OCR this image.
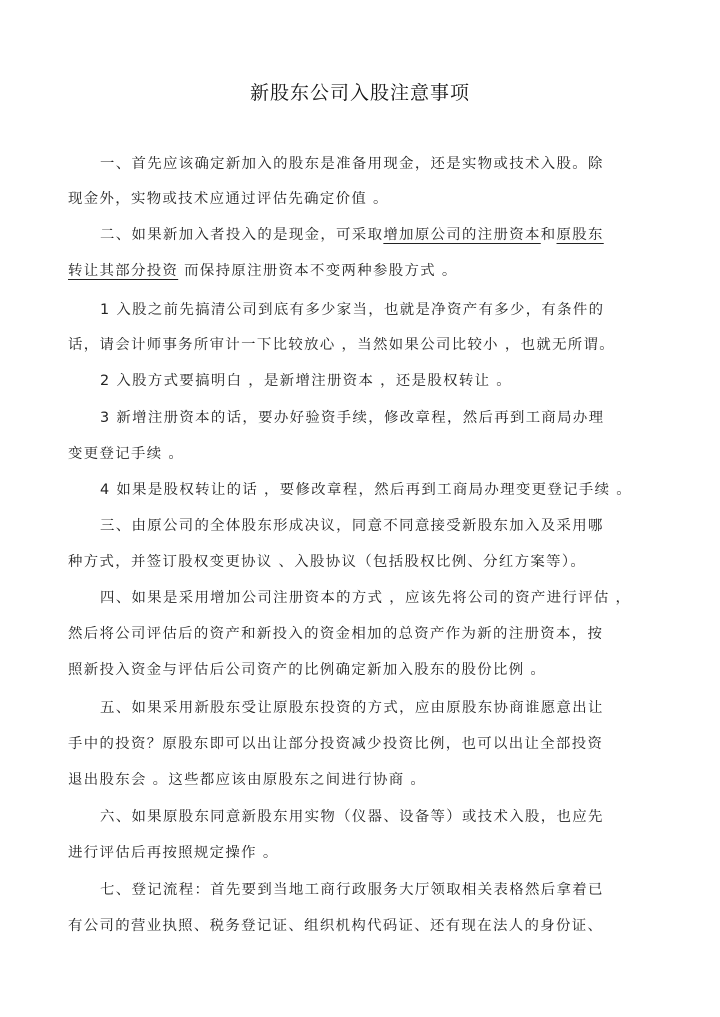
新股东公司入股注意事项
一、首先应该确定新加入的股东是准备用现金，还是实物或技术入股。除
现金外，实物或技术应通过评估先确定价值 。
二、如果新加入者投入的是现金，可采取增加原公司的注册资本和原股东
转让其部分投资 而保持原注册资本不变两种参股方式 。
1 入股之前先搞清公司到底有多少家当，也就是净资产有多少，有条件的
话，请会计师事务所审计一下比较放心 ，当然如果公司比较小 ，也就无所谓。
2 入股方式要搞明白 ，是新增注册资本 ，还是股权转让 。
3 新增注册资本的话，要办好验资手续，修改章程，然后再到工商局办理
变更登记手续 。
4 如果是股权转让的话 ，要修改章程，然后再到工商局办理变更登记手续 。
三、由原公司的全体股东形成决议，同意不同意接受新股东加入及采用哪
种方式，并签订股权变更协议 、入股协议（包括股权比例、分红方案等）。
四、如果是采用增加公司注册资本的方式 ，应该先将公司的资产进行评估 ，
然后将公司评估后的资产和新投入的资金相加的总资产作为新的注册资本，按
照新投入资金与评估后公司资产的比例确定新加入股东的股份比例 。
五、如果采用新股东受让原股东投资的方式，应由原股东协商谁愿意出让
手中的投资？原股东即可以出让部分投资减少投资比例，也可以出让全部投资
退出股东会 。这些都应该由原股东之间进行协商 。
六、如果原股东同意新股东用实物（仪器、设备等）或技术入股，也应先
进行评估后再按照规定操作 。
七、登记流程：首先要到当地工商行政服务大厅领取相关表格然后拿着已
有公司的营业执照、税务登记证、组织机构代码证、还有现在法人的身份证、
